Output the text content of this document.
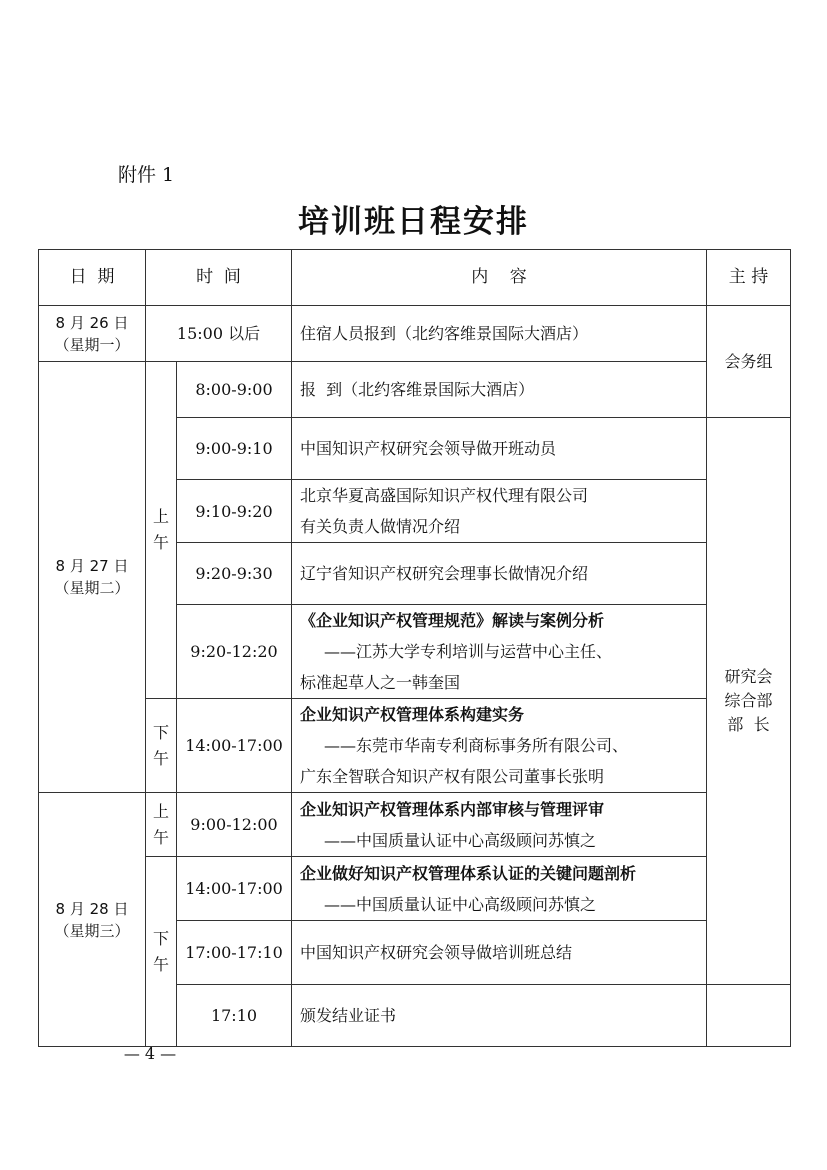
附件 1
培训班日程安排
日  期	时  间		内    容	主 持

8 月 26 日
（星期一）	15:00 以后		住宿人员报到（北约客维景国际大酒店）	会务组

8 月 27 日
（星期二）	上
午	8:00-9:00	报  到（北约客维景国际大酒店）	
		9:00-9:10	中国知识产权研究会领导做开班动员	研究会
综合部
部  长

		9:10-9:20	北京华夏高盛国际知识产权代理有限公司
有关负责人做情况介绍	

		9:20-9:30	辽宁省知识产权研究会理事长做情况介绍	
		9:20-12:20	《企业知识产权管理规范》解读与案例分析
——江苏大学专利培训与运营中心主任、
标准起草人之一韩奎国	

	下
午	14:00-17:00	企业知识产权管理体系构建实务
——东莞市华南专利商标事务所有限公司、
广东全智联合知识产权有限公司董事长张明	

8 月 28 日
（星期三）	上
午	9:00-12:00	企业知识产权管理体系内部审核与管理评审
——中国质量认证中心高级顾问苏慎之	

	下
午	14:00-17:00	企业做好知识产权管理体系认证的关键问题剖析
——中国质量认证中心高级顾问苏慎之	

		17:00-17:10	中国知识产权研究会领导做培训班总结	
		17:10	颁发结业证书	
— 4 —
